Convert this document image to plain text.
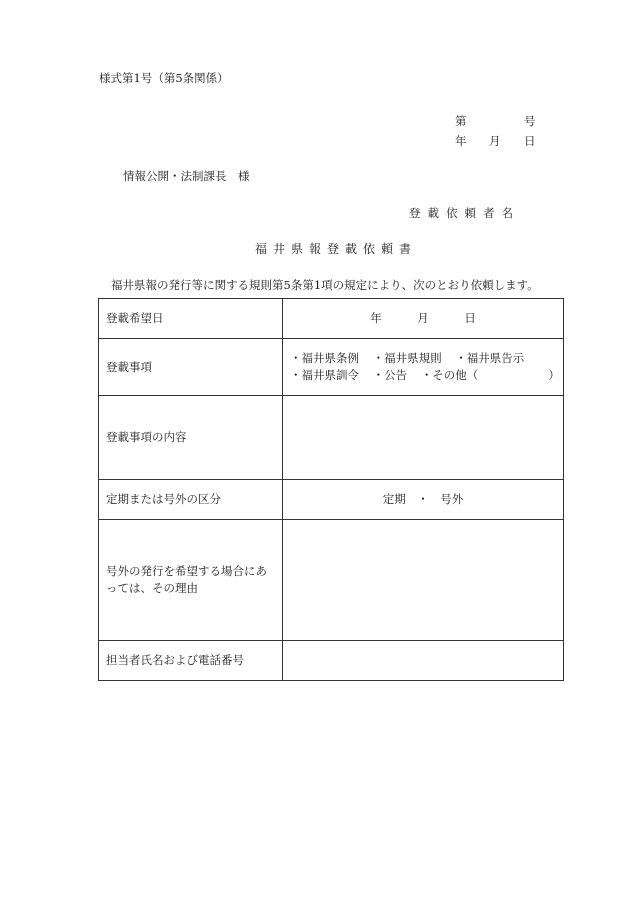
様式第1号（第5条関係）
第	号
年 月 日
情報公開・法制課長　様
登載依頼者名
福井県報登載依頼書
福井県報の発行等に関する規則第5条第1項の規定により、次のとおり依頼します。
登載希望日	年 月 日
登載事項	・福井県条例 ・福井県規則 ・福井県告示
・福井県訓令 ・公告 ・その他（ ）

登載事項の内容	
定期または号外の区分	定期　・　号外
号外の発行を希望する場合にあっては、その理由	
担当者氏名および電話番号	
